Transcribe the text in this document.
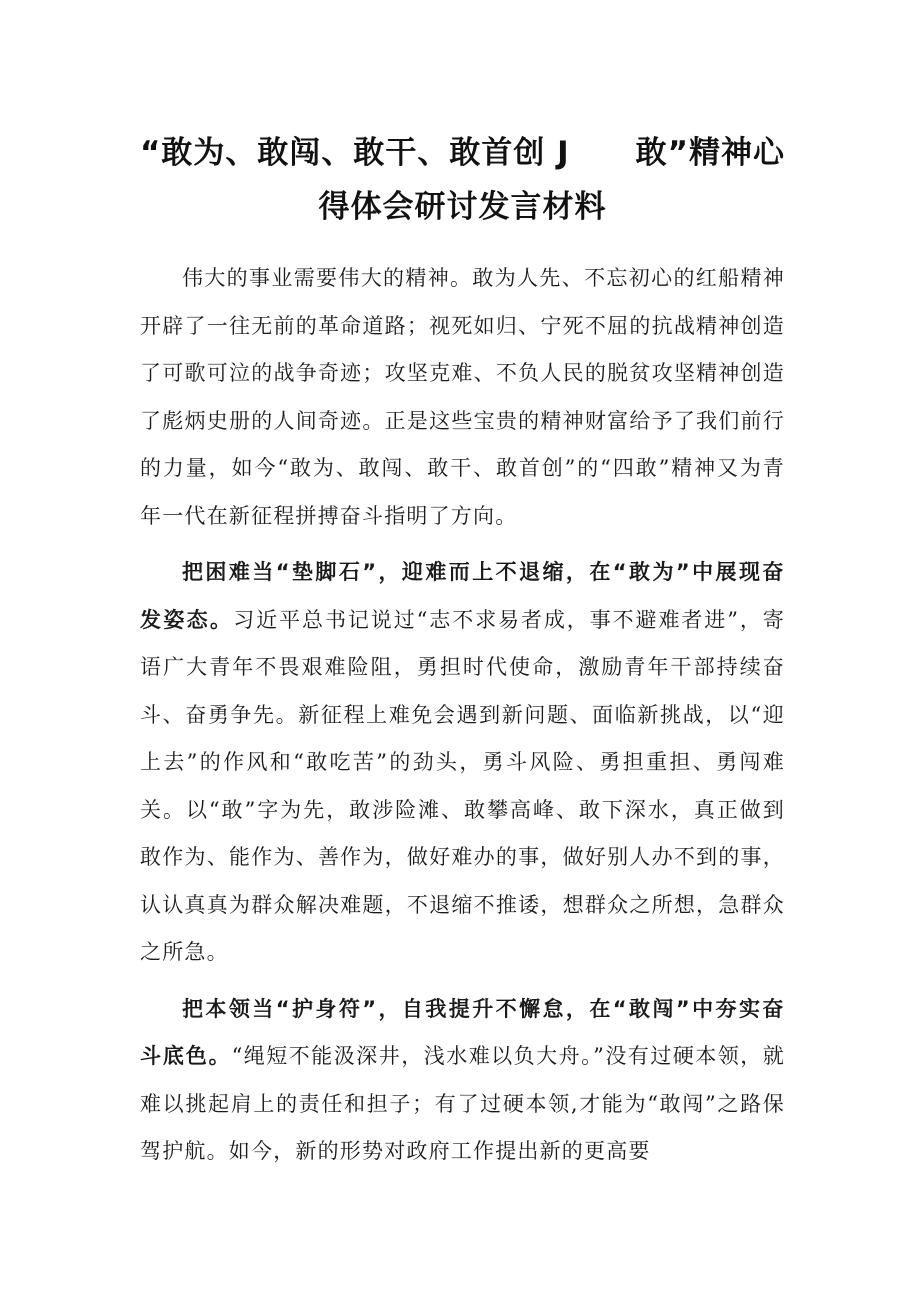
“敢为、敢闯、敢干、敢首创 J 敢”精神心
得体会研讨发言材料

伟大的事业需要伟大的精神。敢为人先、不忘初心的红船精神开辟了一往无前的革命道路；视死如归、宁死不屈的抗战精神创造了可歌可泣的战争奇迹；攻坚克难、不负人民的脱贫攻坚精神创造了彪炳史册的人间奇迹。正是这些宝贵的精神财富给予了我们前行的力量，如今“敢为、敢闯、敢干、敢首创”的“四敢”精神又为青年一代在新征程拼搏奋斗指明了方向。

把困难当“垫脚石”，迎难而上不退缩，在“敢为”中展现奋发姿态。习近平总书记说过“志不求易者成，事不避难者进”，寄语广大青年不畏艰难险阻，勇担时代使命，激励青年干部持续奋斗、奋勇争先。新征程上难免会遇到新问题、面临新挑战，以“迎上去”的作风和“敢吃苦”的劲头，勇斗风险、勇担重担、勇闯难关。以“敢”字为先，敢涉险滩、敢攀高峰、敢下深水，真正做到敢作为、能作为、善作为，做好难办的事，做好别人办不到的事，认认真真为群众解决难题，不退缩不推诿，想群众之所想，急群众之所急。

把本领当“护身符”，自我提升不懈怠，在“敢闯”中夯实奋斗底色。“绳短不能汲深井，浅水难以负大舟。”没有过硬本领，就难以挑起肩上的责任和担子；有了过硬本领,才能为“敢闯”之路保驾护航。如今，新的形势对政府工作提出新的更高要
